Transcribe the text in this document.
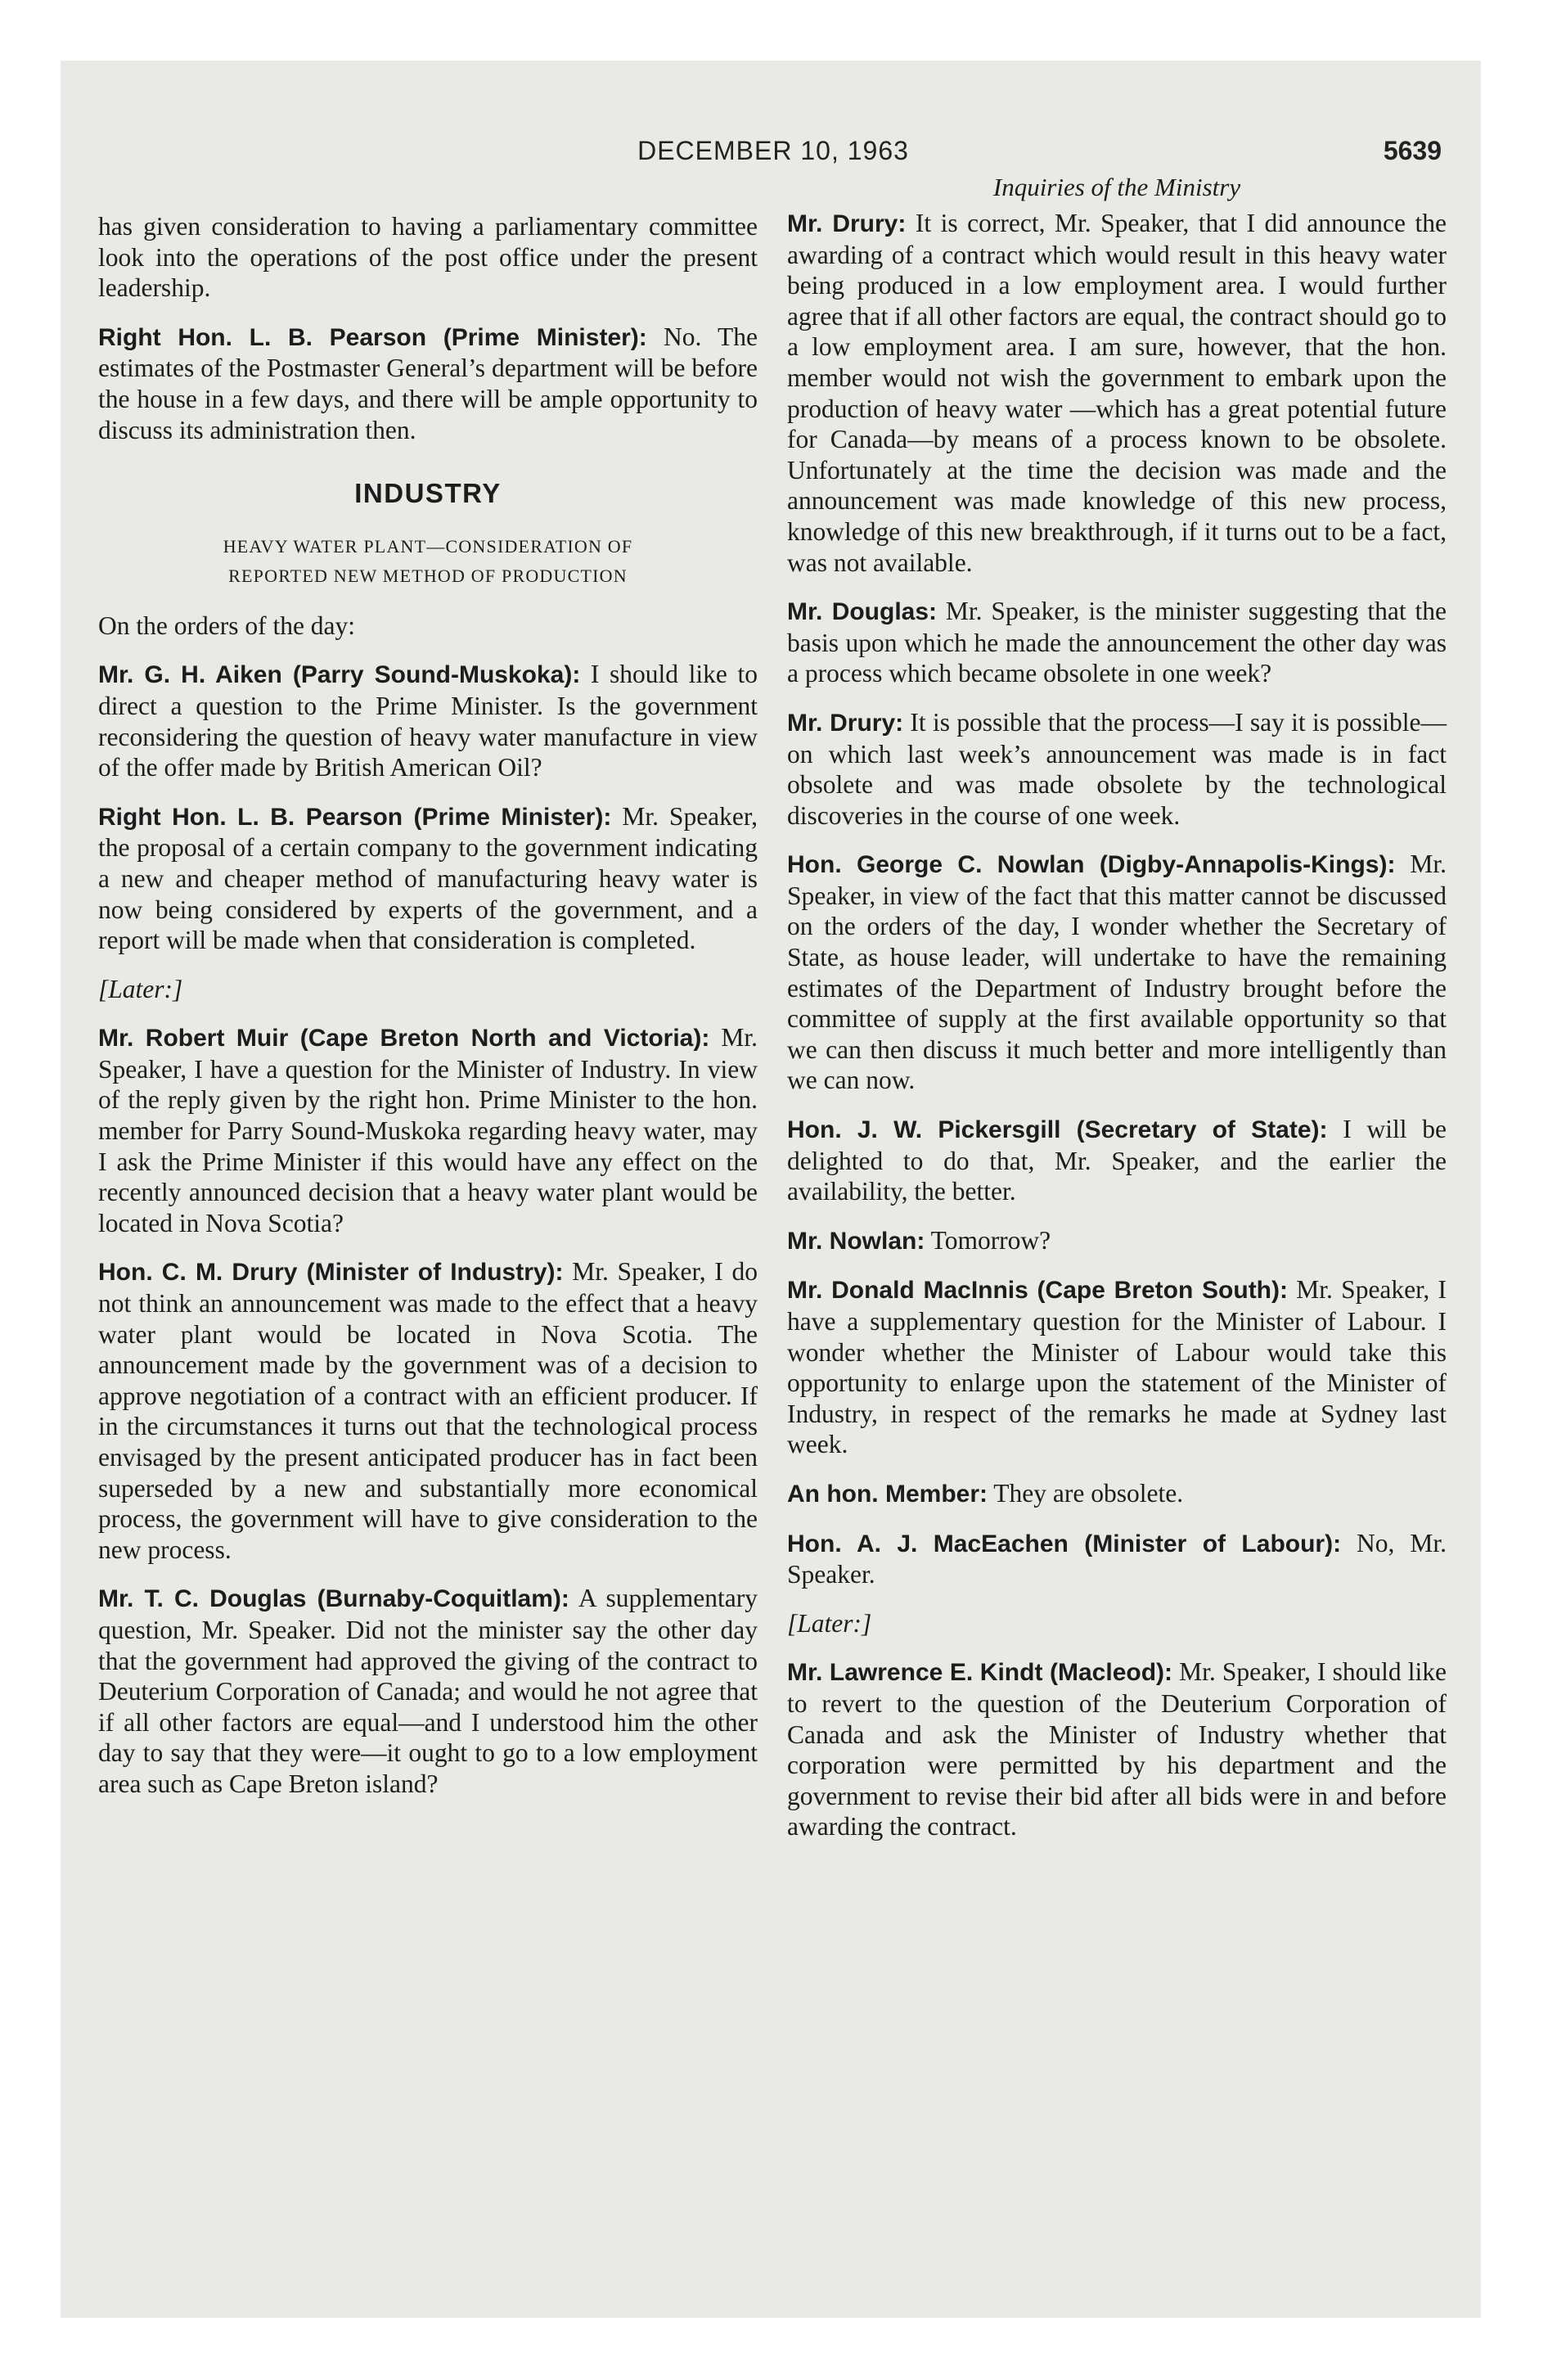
DECEMBER 10, 1963	5639

has given consideration to having a parliamentary committee look into the operations of the post office under the present leadership.

Right Hon. L. B. Pearson (Prime Minister): No. The estimates of the Postmaster General’s department will be before the house in a few days, and there will be ample opportunity to discuss its administration then.

INDUSTRY
HEAVY WATER PLANT—CONSIDERATION OF
REPORTED NEW METHOD OF PRODUCTION

On the orders of the day:

Mr. G. H. Aiken (Parry Sound-Muskoka): I should like to direct a question to the Prime Minister. Is the government reconsidering the question of heavy water manufacture in view of the offer made by British American Oil?

Right Hon. L. B. Pearson (Prime Minister): Mr. Speaker, the proposal of a certain company to the government indicating a new and cheaper method of manufacturing heavy water is now being considered by experts of the government, and a report will be made when that consideration is completed.

[Later:]

Mr. Robert Muir (Cape Breton North and Victoria): Mr. Speaker, I have a question for the Minister of Industry. In view of the reply given by the right hon. Prime Minister to the hon. member for Parry Sound-Muskoka regarding heavy water, may I ask the Prime Minister if this would have any effect on the recently announced decision that a heavy water plant would be located in Nova Scotia?

Hon. C. M. Drury (Minister of Industry): Mr. Speaker, I do not think an announcement was made to the effect that a heavy water plant would be located in Nova Scotia. The announcement made by the government was of a decision to approve negotiation of a contract with an efficient producer. If in the circumstances it turns out that the technological process envisaged by the present anticipated producer has in fact been superseded by a new and substantially more economical process, the government will have to give consideration to the new process.

Mr. T. C. Douglas (Burnaby-Coquitlam): A supplementary question, Mr. Speaker. Did not the minister say the other day that the government had approved the giving of the contract to Deuterium Corporation of Canada; and would he not agree that if all other factors are equal—and I understood him the other day to say that they were—it ought to go to a low employment area such as Cape Breton island?

Inquiries of the Ministry

Mr. Drury: It is correct, Mr. Speaker, that I did announce the awarding of a contract which would result in this heavy water being produced in a low employment area. I would further agree that if all other factors are equal, the contract should go to a low employment area. I am sure, however, that the hon. member would not wish the government to embark upon the production of heavy water —which has a great potential future for Canada—by means of a process known to be obsolete. Unfortunately at the time the decision was made and the announcement was made knowledge of this new process, knowledge of this new breakthrough, if it turns out to be a fact, was not available.

Mr. Douglas: Mr. Speaker, is the minister suggesting that the basis upon which he made the announcement the other day was a process which became obsolete in one week?

Mr. Drury: It is possible that the process—I say it is possible—on which last week’s announcement was made is in fact obsolete and was made obsolete by the technological discoveries in the course of one week.

Hon. George C. Nowlan (Digby-Annapolis-Kings): Mr. Speaker, in view of the fact that this matter cannot be discussed on the orders of the day, I wonder whether the Secretary of State, as house leader, will undertake to have the remaining estimates of the Department of Industry brought before the committee of supply at the first available opportunity so that we can then discuss it much better and more intelligently than we can now.

Hon. J. W. Pickersgill (Secretary of State): I will be delighted to do that, Mr. Speaker, and the earlier the availability, the better.

Mr. Nowlan: Tomorrow?

Mr. Donald MacInnis (Cape Breton South): Mr. Speaker, I have a supplementary question for the Minister of Labour. I wonder whether the Minister of Labour would take this opportunity to enlarge upon the statement of the Minister of Industry, in respect of the remarks he made at Sydney last week.

An hon. Member: They are obsolete.

Hon. A. J. MacEachen (Minister of Labour): No, Mr. Speaker.

[Later:]

Mr. Lawrence E. Kindt (Macleod): Mr. Speaker, I should like to revert to the question of the Deuterium Corporation of Canada and ask the Minister of Industry whether that corporation were permitted by his department and the government to revise their bid after all bids were in and before awarding the contract.
